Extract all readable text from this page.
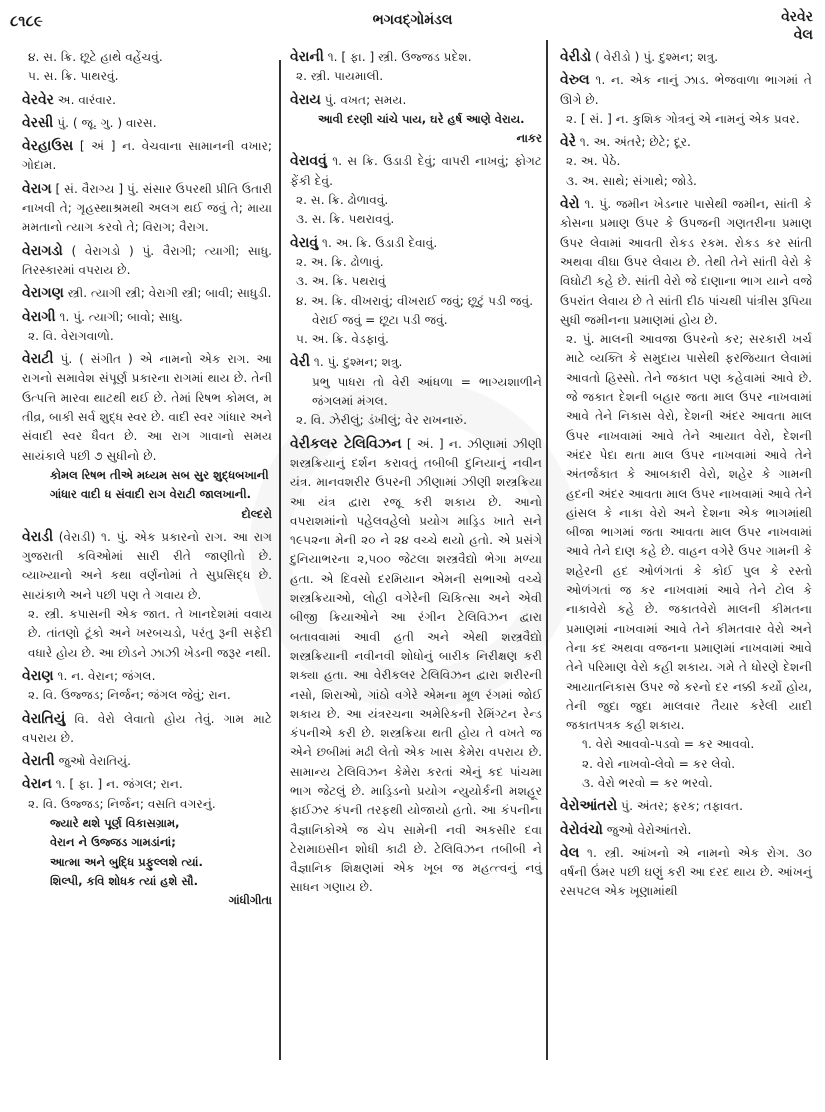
૮૧૮૯	ભગવદ્ગોમંડલ	વેરવેર
વેલ
૪. સ. ક્રિ. છૂટે હાથે વહેંચવું.
૫. સ. ક્રિ. પાથરવું.
વેરવેર અ. વારંવાર.
વેરસી પું. ( જૂ. ગુ. ) વારસ.
વેરહાઉસ [ અં ] ન. વેચવાના સામાનની વખાર; ગોદામ.
વેરાગ [ સં. વૈરાગ્ય ] પું. સંસાર ઉપરથી પ્રીતિ ઉતારી નાખવી તે; ગૃહસ્થાશ્રમથી અલગ થઈ જવું તે; માયા મમતાનો ત્યાગ કરવો તે; વિરાગ; વૈરાગ.
વેરાગડો ( વેરાગડો ) પું. વૈરાગી; ત્યાગી; સાધુ. તિરસ્કારમાં વપરાય છે.
વેરાગણ સ્ત્રી. ત્યાગી સ્ત્રી; વેરાગી સ્ત્રી; બાવી; સાધુડી.
વેરાગી ૧. પું. ત્યાગી; બાવો; સાધુ.
૨. વિ. વેરાગવાળો.
વેરાટી પું. ( સંગીત ) એ નામનો એક રાગ. આ રાગનો સમાવેશ સંપૂર્ણ પ્રકારના રાગમાં થાય છે. તેની ઉત્પત્તિ મારવા થાટથી થઈ છે. તેમાં રિષભ કોમલ, મ તીવ્ર, બાકી સર્વ શુદ્ધ સ્વર છે. વાદી સ્વર ગાંધાર અને સંવાદી સ્વર ધૈવત છે. આ રાગ ગાવાનો સમય સાયંકાલે પછી ૭ સુધીનો છે.
કોમલ રિષભ તીએ મધ્યમ સબ સુર શુદ્ધબખાની
ગાંધાર વાદી ધ સંવાદી રાગ વેરાટી જાલખાની.
દોલ્દરો
વેરાડી (વેરાડી) ૧. પું. એક પ્રકારનો રાગ. આ રાગ ગુજરાતી કવિઓમાં સારી રીતે જાણીતો છે. વ્યાખ્યાનો અને કથા વર્ણનોમાં તે સુપ્રસિદ્ધ છે. સાયંકાળે અને પછી પણ તે ગવાય છે.
૨. સ્ત્રી. કપાસની એક જાત. તે ખાનદેશમાં વવાય છે. તાંતણો ટૂંકો અને ખરબચડો, પરંતુ રૂની સફેદી વધારે હોય છે. આ છોડને ઝાઝી ખેડની જરૂર નથી.
વેરાણ ૧. ન. વેરાન; જંગલ.
૨. વિ. ઉજ્જડ; નિર્જન; જંગલ જેવું; રાન.
વેરાતિયું વિ. વેરો લેવાતો હોય તેવું. ગામ માટે વપરાય છે.
વેરાતી જુઓ વેરાતિયું.
વેરાન ૧. [ ફા. ] ન. જંગલ; રાન.
૨. વિ. ઉજ્જડ; નિર્જન; વસતિ વગરનું.
જ્યારે થશે પૂર્ણ વિકાસગ્રામ,
વેરાન ને ઉજ્જડ ગામડાંનાં;
આત્મા અને બુદ્ધિ પ્રફુલ્લશે ત્યાં.
શિલ્પી, કવિ શોધક ત્યાં હશે સૌ.
ગાંધીગીતા
વેરાની ૧. [ ફા. ] સ્ત્રી. ઉજ્જડ પ્રદેશ.
૨. સ્ત્રી. પાયમાલી.
વેરાય પું. વખત; સમય.
આવી દરણી ચાંચે પાય, ઘરે હર્ષ આણે વેરાય.
નાકર
વેરાવવું ૧. સ ક્રિ. ઉડાડી દેવું; વાપરી નાખવું; ફોગટ ફેંકી દેવું.
૨. સ. ક્રિ. ઢોળાવવું.
૩. સ. ક્રિ. પથરાવવું.
વેરાવું ૧. અ. ક્રિ. ઉડાડી દેવાવું.
૨. અ. ક્રિ. ઢોળાવું.
૩. અ. ક્રિ. પથરાવું
૪. અ. ક્રિ. વીખરાવું; વીખરાઈ જવું; છૂટું પડી જવું.
વેરાઈ જવું = છૂટા પડી જવું.
૫. અ. ક્રિ. વેડફાવું.
વેરી ૧. પું. દુશ્મન; શત્રુ.
પ્રભુ પાધરા તો વેરી આંધળા = ભાગ્યશાળીને જંગલમાં મંગલ.
૨. વિ. ઝેરીલું; ડંખીલું; વેર રાખનારું.
વેરીકલર ટેલિવિઝન [ અં. ] ન. ઝીણામાં ઝીણી શસ્ત્રક્રિયાનું દર્શન કરાવતું તબીબી દુનિયાનું નવીન યંત્ર. માનવશરીર ઉપરની ઝીણામાં ઝીણી શસ્ત્રક્રિયા આ યંત્ર દ્વારા રજૂ કરી શકાય છે. આનો વપરાશમાંનો પહેલવહેલો પ્રયોગ માડ્રિડ ખાતે સને ૧૯૫૨ના મેની ૨૦ ને ૨૪ વચ્ચે થયો હતો. એ પ્રસંગે દુનિયાભરના ૨,૫૦૦ જેટલા શસ્ત્રવૈદ્યો ભેગા મળ્યા હતા. એ દિવસો દરમિયાન એમની સભાઓ વચ્ચે શસ્ત્રક્રિયાઓ, લોહી વગેરેની ચિકિત્સા અને એવી બીજી ક્રિયાઓને આ રંગીન ટેલિવિઝન દ્વારા બતાવવામાં આવી હતી અને એથી શસ્ત્રવૈદ્યો શસ્ત્રક્રિયાની નવીનવી શોધોનું બારીક નિરીક્ષણ કરી શક્યા હતા. આ વેરીકલર ટેલિવિઝન દ્વારા શરીરની નસો, શિરાઓ, ગાંઠો વગેરે એમના મૂળ રંગમાં જોઈ શકાય છે. આ યંત્રરચના અમેરિકની રેમિંગ્ટન રેન્ડ કંપનીએ કરી છે. શસ્ત્રક્રિયા થતી હોય તે વખતે જ એને છબીમાં મઢી લેતો એક ખાસ કેમેરા વપરાય છે. સામાન્ય ટેલિવિઝન કેમેરા કરતાં એનું કદ પાંચમા ભાગ જેટલું છે. માડ્રિડનો પ્રયોગ ન્યુયોર્કની મશહૂર ફાઈઝર કંપની તરફથી યોજાયો હતો. આ કંપનીના વૈજ્ઞાનિકોએ જ ચેપ સામેની નવી અકસીર દવા ટેરામાઇસીન શોધી કાઢી છે. ટેલિવિઝન તબીબી ને વૈજ્ઞાનિક શિક્ષણમાં એક ખૂબ જ મહત્ત્વનું નવું સાધન ગણાય છે.
વેરીડો ( વેરીડો ) પું. દુશ્મન; શત્રુ.
વેરુલ ૧. ન. એક નાનું ઝાડ. ભેજવાળા ભાગમાં તે ઊગે છે.
૨. [ સં. ] ન. કુશિક ગોત્રનું એ નામનું એક પ્રવર.
વેરે ૧. અ. અંતરે; છેટે; દૂર.
૨. અ. પેઠે.
૩. અ. સાથે; સંગાથે; જોડે.
વેરો ૧. પું. જમીન ખેડનાર પાસેથી જમીન, સાંતી કે કોસના પ્રમાણ ઉપર કે ઉપજની ગણતરીના પ્રમાણ ઉપર લેવામાં આવતી રોકડ રકમ. રોકડ કર સાંતી અથવા વીઘા ઉપર લેવાય છે. તેથી તેને સાંતી વેરો કે વિઘોટી કહે છે. સાંતી વેરો જે દાણાના ભાગ યાને વજે ઉપરાંત લેવાય છે તે સાંતી દીઠ પાંચથી પાંત્રીસ રૂપિયા સુધી જમીનના પ્રમાણમાં હોય છે.
૨. પું. માલની આવજા ઉપરનો કર; સરકારી ખર્ચ માટે વ્યક્તિ કે સમુદાય પાસેથી ફરજિયાત લેવામાં આવતો હિસ્સો. તેને જકાત પણ કહેવામાં આવે છે. જે જકાત દેશની બહાર જતા માલ ઉપર નાખવામાં આવે તેને નિકાસ વેરો, દેશની અંદર આવતા માલ ઉપર નાખવામાં આવે તેને આયાત વેરો, દેશની અંદર પેદા થતા માલ ઉપર નાખવામાં આવે તેને અંતર્જકાત કે આબકારી વેરો, શહેર કે ગામની હદની અંદર આવતા માલ ઉપર નાખવામાં આવે તેને હાંસલ કે નાકા વેરો અને દેશના એક ભાગમાંથી બીજા ભાગમાં જતા આવતા માલ ઉપર નાખવામાં આવે તેને દાણ કહે છે. વાહન વગેરે ઉપર ગામની કે શહેરની હદ ઓળંગતાં કે કોઈ પુલ કે રસ્તો ઓળંગતાં જ કર નાખવામાં આવે તેને ટોલ કે નાકાવેરો કહે છે. જકાતવેરો માલની કીમતના પ્રમાણમાં નાખવામાં આવે તેને કીમતવાર વેરો અને તેના કદ અથવા વજનના પ્રમાણમાં નાખવામાં આવે તેને પરિમાણ વેરો કહી શકાય. ગમે તે ધોરણે દેશની આયાતનિકાસ ઉપર જે કરનો દર નક્કી કર્યો હોય, તેની જુદા જુદા માલવાર તૈયાર કરેલી યાદી જકાતપત્રક કહી શકાય.
૧. વેરો આવવો-પડવો = કર આવવો.
૨. વેરો નાખવો-લેવો = કર લેવો.
૩. વેરો ભરવો = કર ભરવો.
વેરોઆંતરો પું. અંતર; ફરક; તફાવત.
વેરોવંચો જુઓ વેરોઆંતરો.
વેલ ૧. સ્ત્રી. આંખનો એ નામનો એક રોગ. ૩૦ વર્ષની ઉંમર પછી ઘણું કરી આ દરદ થાય છે. આંખનું રસપટલ એક ખૂણામાંથી
